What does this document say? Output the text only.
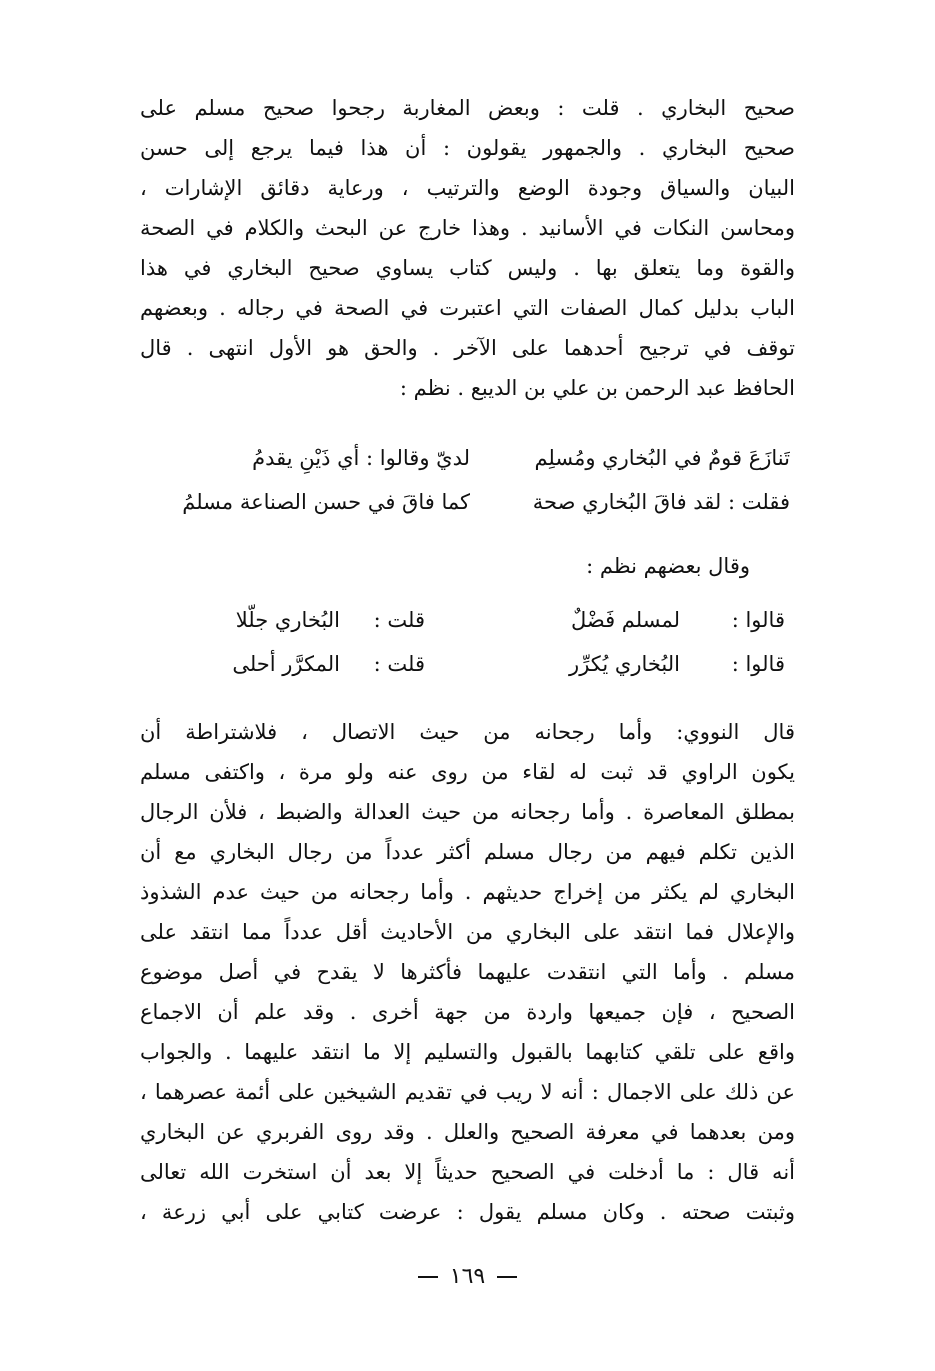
صحيح البخاري . قلت : وبعض المغاربة رجحوا صحيح مسلم على
صحيح البخاري . والجمهور يقولون : أن هذا فيما يرجع إلى حسن
البيان والسياق وجودة الوضع والترتيب ، ورعاية دقائق الإشارات ،
ومحاسن النكات في الأسانيد . وهذا خارج عن البحث والكلام في الصحة
والقوة وما يتعلق بها . وليس كتاب يساوي صحيح البخاري في هذا
الباب بدليل كمال الصفات التي اعتبرت في الصحة في رجاله . وبعضهم
توقف في ترجيح أحدهما على الآخر . والحق هو الأول انتهى . قال
الحافظ عبد الرحمن بن علي بن الديبع . نظم :
تَنازَعَ قومٌ في البُخاري ومُسلِم
لديّ وقالوا : أي ذَيْنِ يقدمُ
فقلت : لقد فاقَ البُخاري صحة
كما فاقَ في حسن الصناعة مسلمُ
وقال بعضهم نظم :
قالوا :
لمسلم فَضْلٌ
قلت :
البُخاري جلّلا
قالوا :
البُخاري يُكرِّر
قلت :
المكرَّر أحلى
قال النووي: وأما رجحانه من حيث الاتصال ، فلاشتراطة أن
يكون الراوي قد ثبت له لقاء من روى عنه ولو مرة ، واكتفى مسلم
بمطلق المعاصرة . وأما رجحانه من حيث العدالة والضبط ، فلأن الرجال
الذين تكلم فيهم من رجال مسلم أكثر عدداً من رجال البخاري مع أن
البخاري لم يكثر من إخراج حديثهم . وأما رجحانه من حيث عدم الشذوذ
والإعلال فما انتقد على البخاري من الأحاديث أقل عدداً مما انتقد على
مسلم . وأما التي انتقدت عليهما فأكثرها لا يقدح في أصل موضوع
الصحيح ، فإن جميعها واردة من جهة أخرى . وقد علم أن الاجماع
واقع على تلقي كتابهما بالقبول والتسليم إلا ما انتقد عليهما . والجواب
عن ذلك على الاجمال : أنه لا ريب في تقديم الشيخين على أئمة عصرهما ،
ومن بعدهما في معرفة الصحيح والعلل . وقد روى الفربري عن البخاري
أنه قال : ما أدخلت في الصحيح حديثاً إلا بعد أن استخرت الله تعالى
وثبتت صحته . وكان مسلم يقول : عرضت كتابي على أبي زرعة ،
١٦٩
